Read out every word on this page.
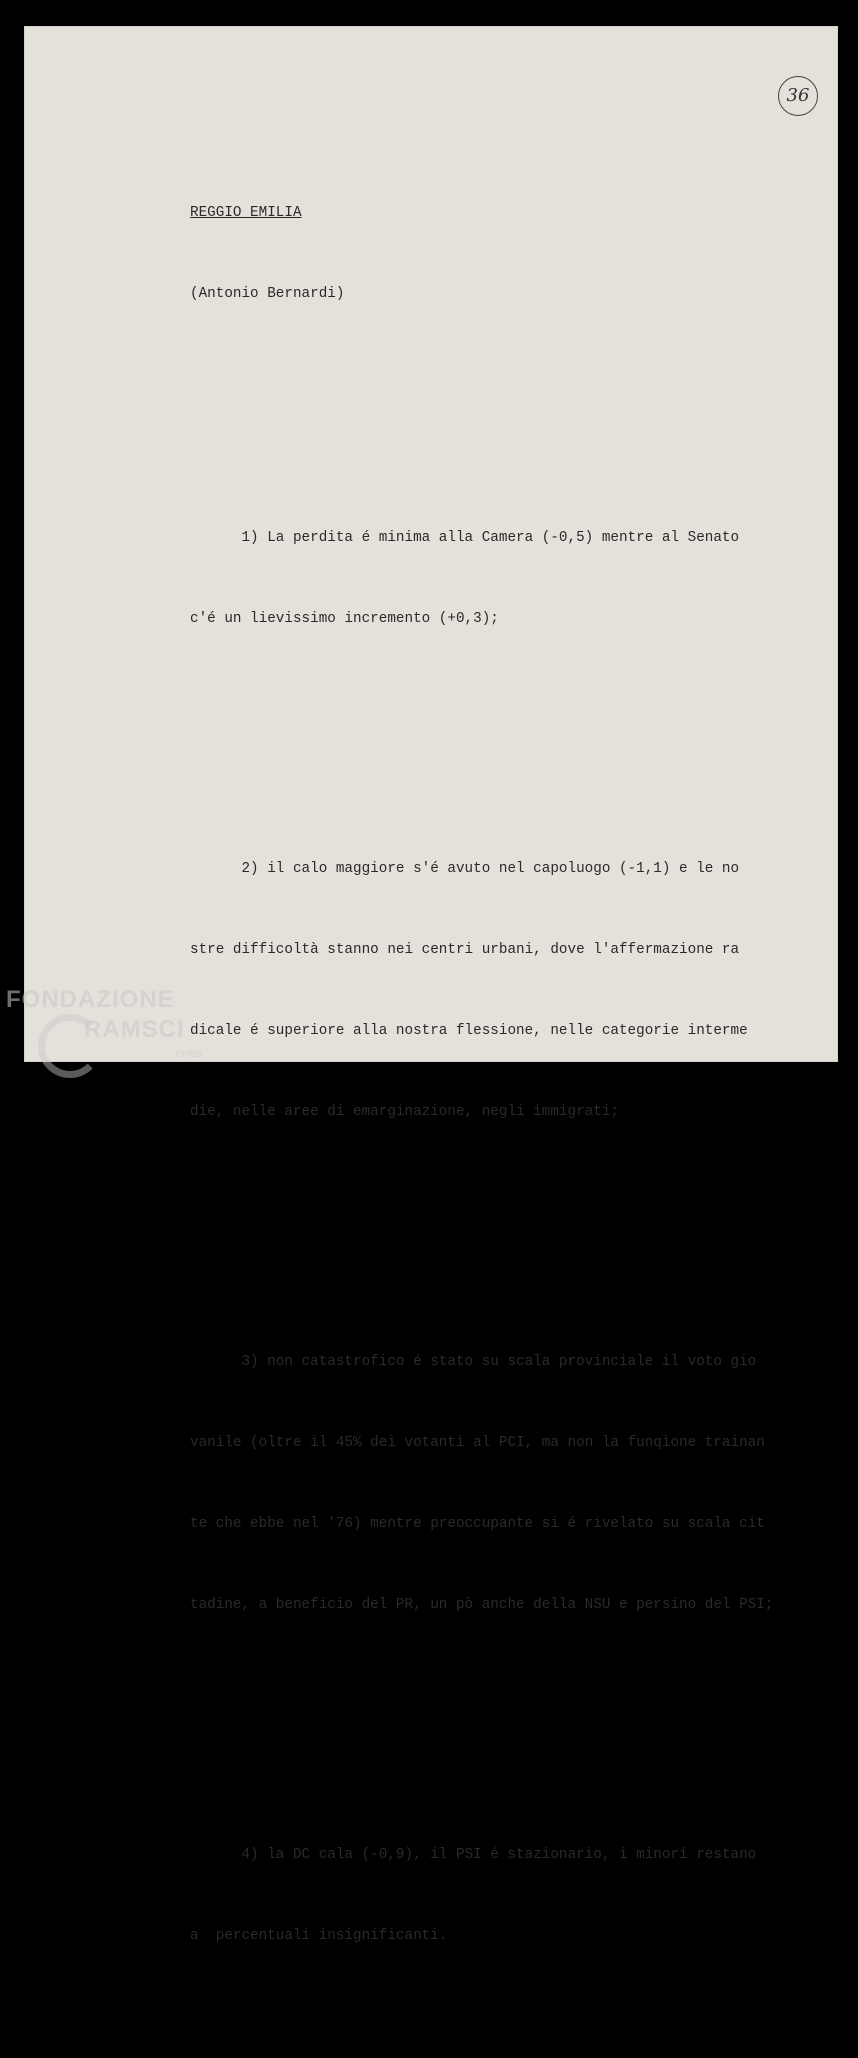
36

REGGIO EMILIA

(Antonio Bernardi)

1) La perdita é minima alla Camera (-0,5) mentre al Senato

c'é un lievissimo incremento (+0,3);

2) il calo maggiore s'é avuto nel capoluogo (-1,1) e le no

stre difficoltà stanno nei centri urbani, dove l'affermazione ra

dicale é superiore alla nostra flessione, nelle categorie interme

die, nelle aree di emarginazione, negli immigrati;

3) non catastrofico é stato su scala provinciale il voto gio

vanile (oltre il 45% dei votanti al PCI, ma non la funqione trainan

te che ebbe nel '76) mentre preoccupante si é rivelato su scala cit

tadine, a beneficio del PR, un pò anche della NSU e persino del PSI;

4) la DC cala (-0,9), il PSI é stazionario, i minori restano

a  percentuali insignificanti.

FONDAZIONE
RAMSCI
onlus
